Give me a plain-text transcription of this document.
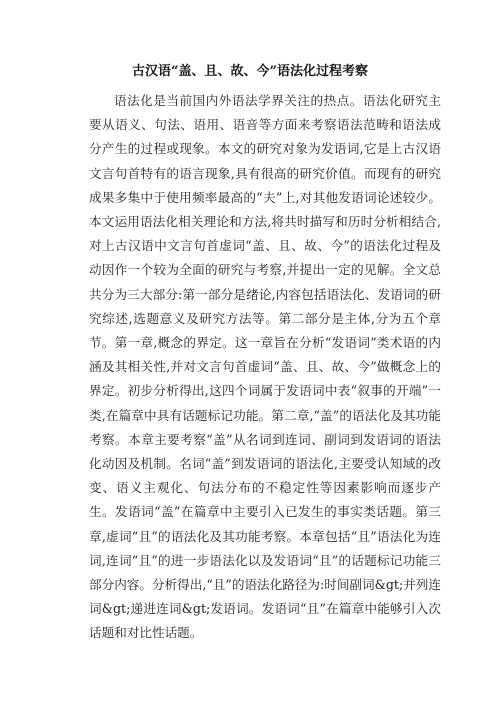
古汉语“盖、且、故、今”语法化过程考察

语法化是当前国内外语法学界关注的热点。语法化研究主要从语义、句法、语用、语音等方面来考察语法范畴和语法成分产生的过程或现象。本文的研究对象为发语词,它是上古汉语文言句首特有的语言现象,具有很高的研究价值。而现有的研究成果多集中于使用频率最高的“夫”上,对其他发语词论述较少。本文运用语法化相关理论和方法,将共时描写和历时分析相结合,对上古汉语中文言句首虚词“盖、且、故、今”的语法化过程及动因作一个较为全面的研究与考察,并提出一定的见解。全文总共分为三大部分:第一部分是绪论,内容包括语法化、发语词的研究综述,选题意义及研究方法等。第二部分是主体,分为五个章节。第一章,概念的界定。这一章旨在分析“发语词”类术语的内涵及其相关性,并对文言句首虚词“盖、且、故、今”做概念上的界定。初步分析得出,这四个词属于发语词中表“叙事的开端”一类,在篇章中具有话题标记功能。第二章,“盖”的语法化及其功能考察。本章主要考察“盖”从名词到连词、副词到发语词的语法化动因及机制。名词“盖”到发语词的语法化,主要受认知域的改变、语义主观化、句法分布的不稳定性等因素影响而逐步产生。发语词“盖”在篇章中主要引入已发生的事实类话题。第三章,虚词“且”的语法化及其功能考察。本章包括“且”语法化为连词,连词“且”的进一步语法化以及发语词“且”的话题标记功能三部分内容。分析得出,“且”的语法化路径为:时间副词&gt;并列连词&gt;递进连词&gt;发语词。发语词“且”在篇章中能够引入次话题和对比性话题。
